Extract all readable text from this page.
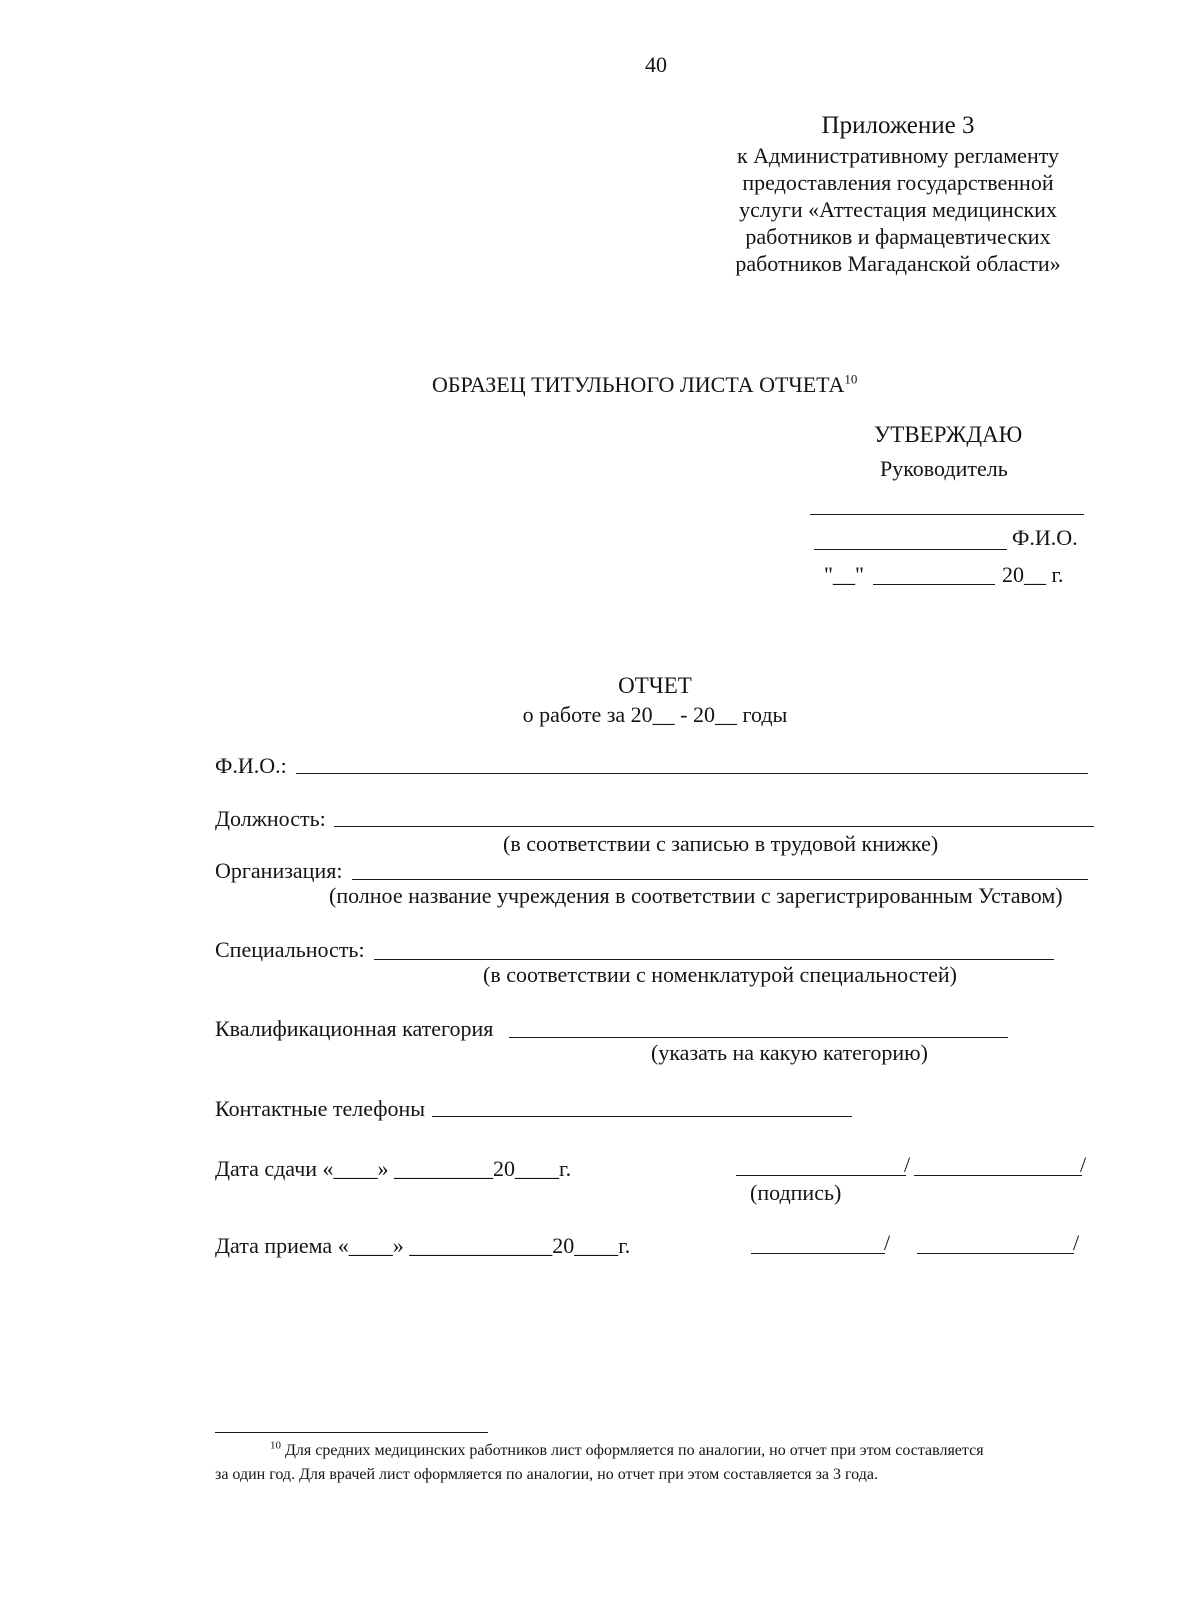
40
Приложение 3
к Административному регламенту
предоставления государственной
услуги «Аттестация медицинских
работников и фармацевтических
работников Магаданской области»
ОБРАЗЕЦ ТИТУЛЬНОГО ЛИСТА ОТЧЕТА$^{10}$
УТВЕРЖДАЮ
Руководитель
Ф.И.О.
"__"	20__ г.
ОТЧЕТ
о работе за 20__ - 20__ годы
Ф.И.О.:
Должность:
(в соответствии с записью в трудовой книжке)
Организация:
(полное название учреждения в соответствии с зарегистрированным Уставом)
Специальность:
(в соответствии с номенклатурой специальностей)
Квалификационная категория
(указать на какую категорию)
Контактные телефоны
Дата сдачи «____» _________20____г.	/	/
(подпись)
Дата приема «____» _____________20____г.	/	/
$^{10}$ Для средних медицинских работников лист оформляется по аналогии, но отчет при этом составляется
за один год. Для врачей лист оформляется по аналогии, но отчет при этом составляется за 3 года.
